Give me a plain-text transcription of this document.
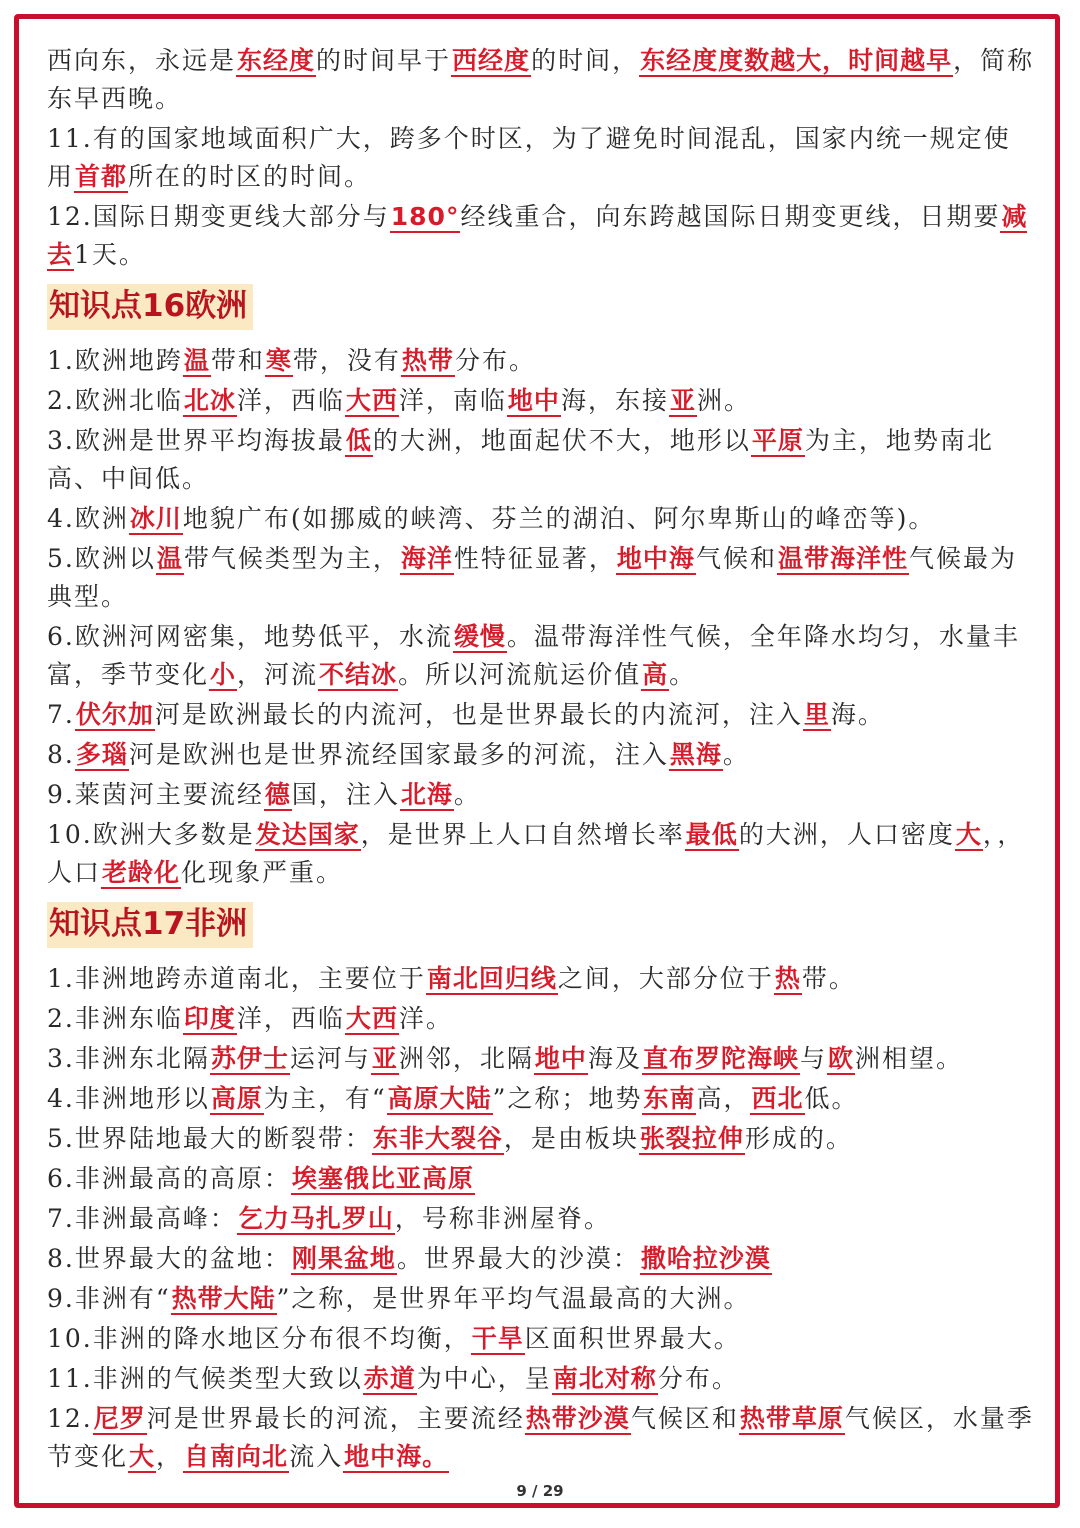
西向东，永远是东经度的时间早于西经度的时间，东经度度数越大，时间越早，简称东早西晚。
11.有的国家地域面积广大，跨多个时区，为了避免时间混乱，国家内统一规定使用首都所在的时区的时间。
12.国际日期变更线大部分与180°经线重合，向东跨越国际日期变更线，日期要减去1天。
知识点16欧洲
1.欧洲地跨温带和寒带，没有热带分布。
2.欧洲北临北冰洋，西临大西洋，南临地中海，东接亚洲。
3.欧洲是世界平均海拔最低的大洲，地面起伏不大，地形以平原为主，地势南北高、中间低。
4.欧洲冰川地貌广布(如挪威的峡湾、芬兰的湖泊、阿尔卑斯山的峰峦等)。
5.欧洲以温带气候类型为主，海洋性特征显著，地中海气候和温带海洋性气候最为典型。
6.欧洲河网密集，地势低平，水流缓慢。温带海洋性气候，全年降水均匀，水量丰富，季节变化小，河流不结冰。所以河流航运价值高。
7.伏尔加河是欧洲最长的内流河，也是世界最长的内流河，注入里海。
8.多瑙河是欧洲也是世界流经国家最多的河流，注入黑海。
9.莱茵河主要流经德国，注入北海。
10.欧洲大多数是发达国家，是世界上人口自然增长率最低的大洲，人口密度大，，人口老龄化化现象严重。
知识点17非洲
1.非洲地跨赤道南北，主要位于南北回归线之间，大部分位于热带。
2.非洲东临印度洋，西临大西洋。
3.非洲东北隔苏伊士运河与亚洲邻，北隔地中海及直布罗陀海峡与欧洲相望。
4.非洲地形以高原为主，有“高原大陆”之称；地势东南高，西北低。
5.世界陆地最大的断裂带：东非大裂谷，是由板块张裂拉伸形成的。
6.非洲最高的高原：埃塞俄比亚高原
7.非洲最高峰：乞力马扎罗山，号称非洲屋脊。
8.世界最大的盆地：刚果盆地。世界最大的沙漠：撒哈拉沙漠
9.非洲有“热带大陆”之称，是世界年平均气温最高的大洲。
10.非洲的降水地区分布很不均衡，干旱区面积世界最大。
11.非洲的气候类型大致以赤道为中心，呈南北对称分布。
12.尼罗河是世界最长的河流，主要流经热带沙漠气候区和热带草原气候区，水量季节变化大，自南向北流入地中海。
9 / 29
